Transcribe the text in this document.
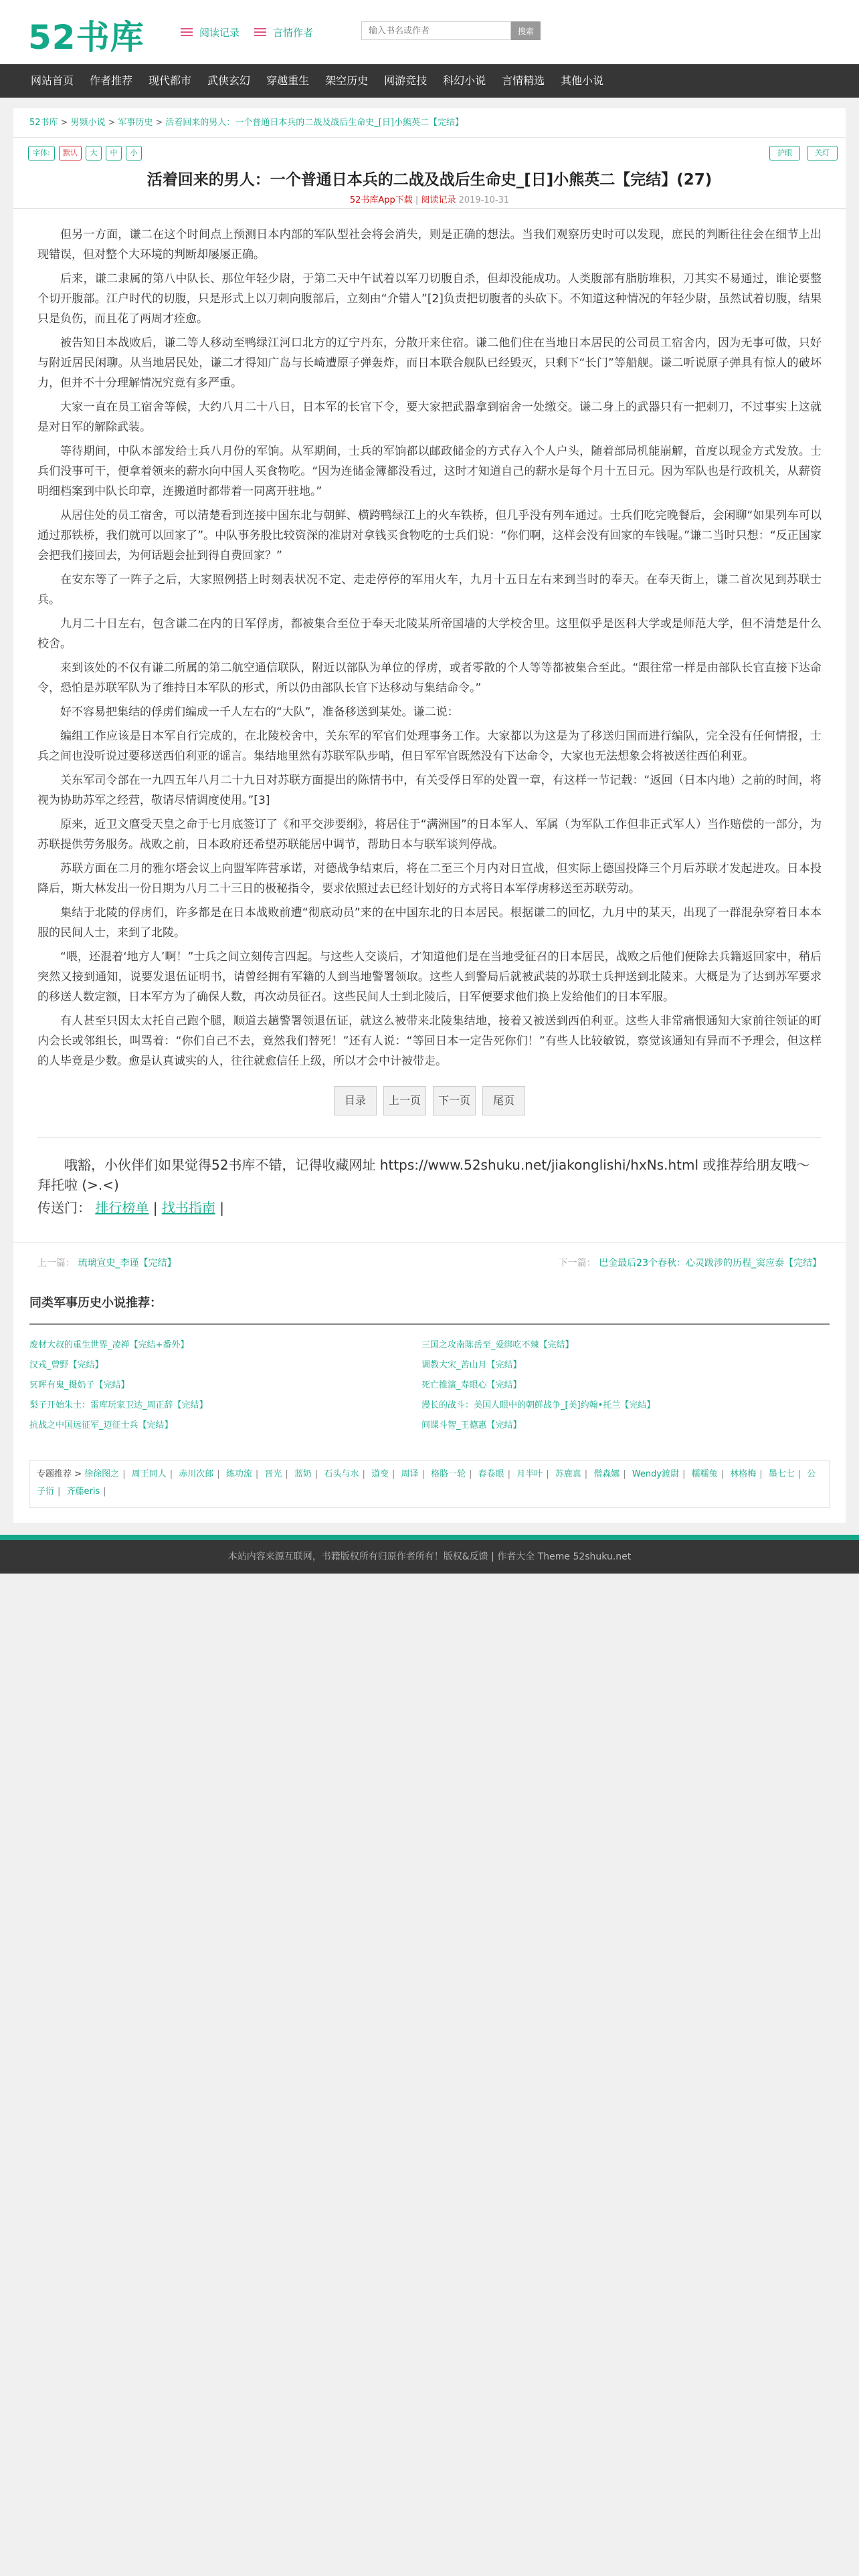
52书库	阅读记录	言情作者
输入书名或作者	搜索
网站首页	作者推荐	现代都市	武侠玄幻	穿越重生	架空历史	网游竞技	科幻小说	言情精选	其他小说
52书库 > 男频小说 > 军事历史 > 活着回来的男人：一个普通日本兵的二战及战后生命史_[日]小熊英二【完结】
字体:	默认	大	中	小	护眼	关灯
活着回来的男人：一个普通日本兵的二战及战后生命史_[日]小熊英二【完结】(27)
52书库App下载 | 阅读记录 2019-10-31

但另一方面，谦二在这个时间点上预测日本内部的军队型社会将会消失，则是正确的想法。当我们观察历史时可以发现，庶民的判断往往会在细节上出现错误，但对整个大环境的判断却屡屡正确。

后来，谦二隶属的第八中队长、那位年轻少尉，于第二天中午试着以军刀切腹自杀，但却没能成功。人类腹部有脂肪堆积，刀其实不易通过，谁论要整个切开腹部。江户时代的切腹，只是形式上以刀刺向腹部后，立刻由“介错人”[2]负责把切腹者的头砍下。不知道这种情况的年轻少尉，虽然试着切腹，结果只是负伤，而且花了两周才痊愈。

被告知日本战败后，谦二等人移动至鸭绿江河口北方的辽宁丹东，分散开来住宿。谦二他们住在当地日本居民的公司员工宿舍内，因为无事可做，只好与附近居民闲聊。从当地居民处，谦二才得知广岛与长崎遭原子弹轰炸，而日本联合舰队已经毁灭，只剩下“长门”等船舰。谦二听说原子弹具有惊人的破坏力，但并不十分理解情况究竟有多严重。

大家一直在员工宿舍等候，大约八月二十八日，日本军的长官下令，要大家把武器拿到宿舍一处缴交。谦二身上的武器只有一把刺刀，不过事实上这就是对日军的解除武装。

等待期间，中队本部发给士兵八月份的军饷。从军期间，士兵的军饷都以邮政储金的方式存入个人户头，随着部局机能崩解，首度以现金方式发放。士兵们没事可干，便拿着领来的薪水向中国人买食物吃。“因为连储金簿都没看过，这时才知道自己的薪水是每个月十五日元。因为军队也是行政机关，从薪资明细档案到中队长印章，连搬道时都带着一同离开驻地。”

从居住处的员工宿舍，可以清楚看到连接中国东北与朝鲜、横跨鸭绿江上的火车铁桥，但几乎没有列车通过。士兵们吃完晚餐后，会闲聊“如果列车可以通过那铁桥，我们就可以回家了”。中队事务股比较资深的准尉对拿钱买食物吃的士兵们说：“你们啊，这样会没有回家的车钱喔。”谦二当时只想：“反正国家会把我们接回去，为何话题会扯到得自费回家？”

在安东等了一阵子之后，大家照例搭上时刻表状况不定、走走停停的军用火车，九月十五日左右来到当时的奉天。在奉天街上，谦二首次见到苏联士兵。

九月二十日左右，包含谦二在内的日军俘虏，都被集合至位于奉天北陵某所帝国墙的大学校舍里。这里似乎是医科大学或是师范大学，但不清楚是什么校舍。

来到该处的不仅有谦二所属的第二航空通信联队，附近以部队为单位的俘虏，或者零散的个人等等都被集合至此。“跟往常一样是由部队长官直接下达命令，恐怕是苏联军队为了维持日本军队的形式，所以仍由部队长官下达移动与集结命令。”

好不容易把集结的俘虏们编成一千人左右的“大队”，准备移送到某处。谦二说：

编组工作应该是日本军自行完成的，在北陵校舍中，关东军的军官们处理事务工作。大家都以为这是为了移送归国而进行编队，完全没有任何情报，士兵之间也没听说过要移送西伯利亚的谣言。集结地里然有苏联军队步哨，但日军军官既然没有下达命令，大家也无法想象会将被送往西伯利亚。

关东军司令部在一九四五年八月二十九日对苏联方面提出的陈情书中，有关受俘日军的处置一章，有这样一节记载：“返回（日本内地）之前的时间，将视为协助苏军之经营，敬请尽情调度使用。”[3]

原来，近卫文麿受天皇之命于七月底签订了《和平交涉要纲》，将居住于“满洲国”的日本军人、军属（为军队工作但非正式军人）当作赔偿的一部分，为苏联提供劳务服务。战败之前，日本政府还希望苏联能居中调节，帮助日本与联军谈判停战。

苏联方面在二月的雅尔塔会议上向盟军阵营承诺，对德战争结束后，将在二至三个月内对日宣战，但实际上德国投降三个月后苏联才发起进攻。日本投降后，斯大林发出一份日期为八月二十三日的极秘指令，要求依照过去已经计划好的方式将日本军俘虏移送至苏联劳动。

集结于北陵的俘虏们，许多都是在日本战败前遭“彻底动员”来的在中国东北的日本居民。根据谦二的回忆，九月中的某天，出现了一群混杂穿着日本本服的民间人士，来到了北陵。

“喂，还混着‘地方人’啊！”士兵之间立刻传言四起。与这些人交谈后，才知道他们是在当地受征召的日本居民，战败之后他们便除去兵籍返回家中，稍后突然又接到通知，说要发退伍证明书，请曾经拥有军籍的人到当地警署领取。这些人到警局后就被武装的苏联士兵押送到北陵来。大概是为了达到苏军要求的移送人数定额，日本军方为了确保人数，再次动员征召。这些民间人士到北陵后，日军便要求他们换上发给他们的日本军服。

有人甚至只因太太托自己跑个腿，顺道去趟警署领退伍证，就这么被带来北陵集结地，接着又被送到西伯利亚。这些人非常痛恨通知大家前往领证的町内会长或邻组长，叫骂着：“你们自己不去，竟然我们替死！”还有人说：“等回日本一定告死你们！”有些人比较敏锐，察觉该通知有异而不予理会，但这样的人毕竟是少数。愈是认真诚实的人，往往就愈信任上级，所以才会中计被带走。

目录	上一页	下一页	尾页

哦豁，小伙伴们如果觉得52书库不错，记得收藏网址 https://www.52shuku.net/jiakonglishi/hxNs.html 或推荐给朋友哦～拜托啦 (>.<)

传送门： 排行榜单 | 找书指南 |
上一篇： 琉璃宣史_李谨【完结】	下一篇： 巴金最后23个春秋：心灵跋涉的历程_窦应泰【完结】
同类军事历史小说推荐：
废材大叔的重生世界_凌禅【完结+番外】	三国之攻南陈岳至_爱绑吃不辣【完结】
汉戎_曾野【完结】	调教大宋_苦山月【完结】
冥晖有鬼_摄奶子【完结】	死亡推演_寿眼心【完结】
梨子开始朱土：雷库玩家卫达_周正辞【完结】	漫长的战斗：美国人眼中的朝鲜战争_[美]约翰•托兰【完结】
抗战之中国远征军_迈征士兵【完结】	间谍斗智_王德惠【完结】
专题推荐 > 徐徐图之 | 周王同人 | 赤川次郎 | 练功流 | 晋光 | 蓝奶 | 石头与水 | 道变 | 周译 | 格胳一轮 | 春卷眼 | 月半叶 | 苏鹿真 | 僧森娜 | Wendy渡尉 | 糯糯兔 | 林格梅 | 墨七七 | 公子衍 | 齐藤eris |
本站内容来源互联网，书籍版权所有归原作者所有！版权&反馈 | 作者大全 Theme 52shuku.net
